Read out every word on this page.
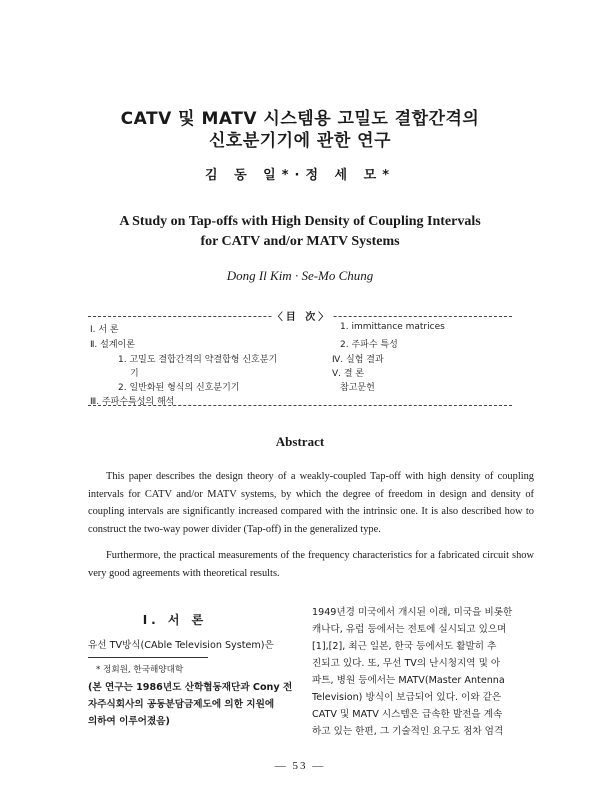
CATV 및 MATV 시스템용 고밀도 결합간격의

신호분기기에 관한 연구

김 동 일*·정 세 모*

A Study on Tap-offs with High Density of Coupling Intervals

for CATV and/or MATV Systems

Dong Il Kim · Se-Mo Chung

〈目 次〉

Ⅰ. 서 론

Ⅱ. 설계이론

1. 고밀도 결합간격의 약결합형 신호분기

기

2. 일반화된 형식의 신호분기기

Ⅲ. 주파수특성의 해석

1. immittance matrices

2. 주파수 특성

Ⅳ. 실험 결과

Ⅴ. 결 론

참고문헌

Abstract

This paper describes the design theory of a weakly-coupled Tap-off with high density of coupling intervals for CATV and/or MATV systems, by which the degree of freedom in design and density of coupling intervals are significantly increased compared with the intrinsic one. It is also described how to construct the two-way power divider (Tap-off) in the generalized type.

Furthermore, the practical measurements of the frequency characteristics for a fabricated circuit show very good agreements with theoretical results.

Ⅰ. 서 론

유선 TV방식(CAble Television System)은

1949년경 미국에서 개시된 이래, 미국을 비롯한

캐나다, 유럽 등에서는 전토에 실시되고 있으며

[1],[2], 최근 일본, 한국 등에서도 활발히 추

진되고 있다. 또, 무선 TV의 난시청지역 및 아

파트, 병원 등에서는 MATV(Master Antenna

Television) 방식이 보급되어 있다. 이와 같은

CATV 및 MATV 시스템은 급속한 발전을 계속

하고 있는 한편, 그 기술적인 요구도 점차 엄격

* 정회원, 한국해양대학

(본 연구는 1986년도 산학협동재단과 Cony 전

자주식회사의 공동분담금제도에 의한 지원에

의하여 이루어졌음)

— 53 —
